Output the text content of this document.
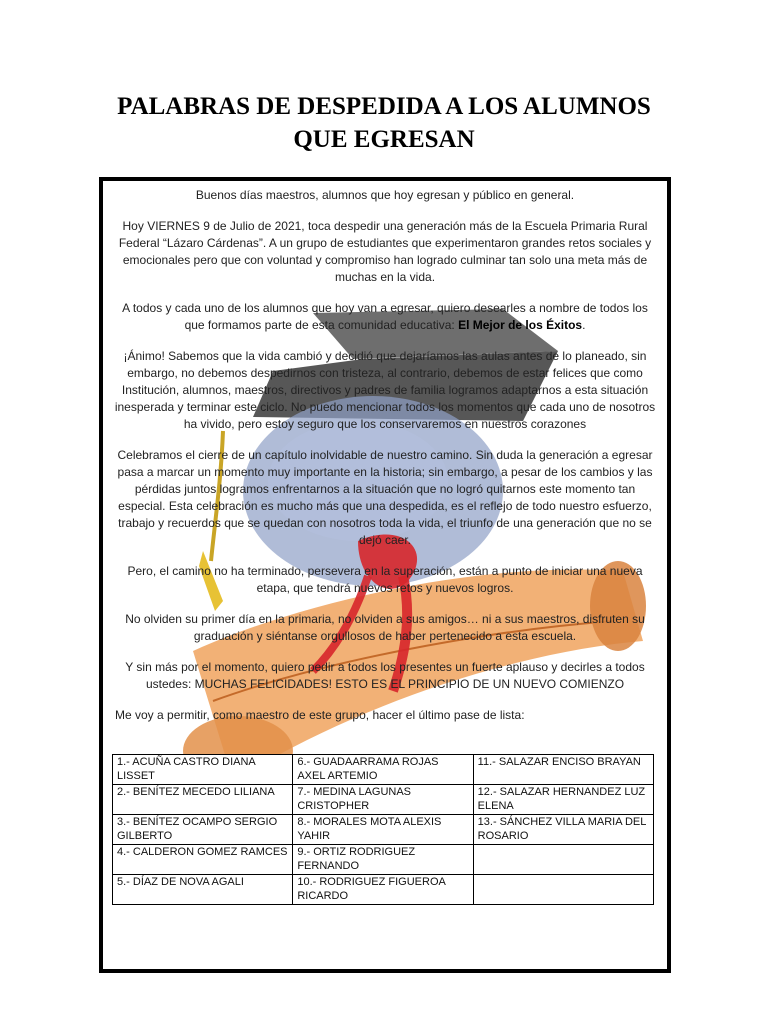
PALABRAS DE DESPEDIDA A LOS ALUMNOS
QUE EGRESAN

Buenos días maestros, alumnos que hoy egresan y público en general.

Hoy VIERNES 9 de Julio de 2021, toca despedir una generación más de la Escuela Primaria Rural Federal “Lázaro Cárdenas”. A un grupo de estudiantes que experimentaron grandes retos sociales y emocionales pero que con voluntad y compromiso han logrado culminar tan solo una meta más de muchas en la vida.

A todos y cada uno de los alumnos que hoy van a egresar, quiero desearles a nombre de todos los que formamos parte de esta comunidad educativa: El Mejor de los Éxitos.

¡Ánimo! Sabemos que la vida cambió y decidió que dejaríamos las aulas antes de lo planeado, sin embargo, no debemos despedirnos con tristeza, al contrario, debemos de estar felices que como Institución, alumnos, maestros, directivos y padres de familia logramos adaptarnos a esta situación inesperada y terminar este ciclo. No puedo mencionar todos los momentos que cada uno de nosotros ha vivido, pero estoy seguro que los conservaremos en nuestros corazones

Celebramos el cierre de un capítulo inolvidable de nuestro camino. Sin duda la generación a egresar pasa a marcar un momento muy importante en la historia; sin embargo, a pesar de los cambios y las pérdidas juntos logramos enfrentarnos a la situación que no logró quitarnos este momento tan especial. Esta celebración es mucho más que una despedida, es el reflejo de todo nuestro esfuerzo, trabajo y recuerdos que se quedan con nosotros toda la vida, el triunfo de una generación que no se dejó caer.

Pero, el camino no ha terminado, persevera en la superación, están a punto de iniciar una nueva etapa, que tendrá nuevos retos y nuevos logros.

No olviden su primer día en la primaria, no olviden a sus amigos… ni a sus maestros, disfruten su graduación y siéntanse orgullosos de haber pertenecido a esta escuela.

Y sin más por el momento, quiero pedir a todos los presentes un fuerte aplauso y decirles a todos ustedes: MUCHAS FELICIDADES! ESTO ES EL PRINCIPIO DE UN NUEVO COMIENZO

Me voy a permitir, como maestro de este grupo, hacer el último pase de lista:

1.- ACUÑA CASTRO DIANA LISSET	6.- GUADAARRAMA ROJAS AXEL ARTEMIO	11.- SALAZAR ENCISO BRAYAN
2.- BENÍTEZ MECEDO LILIANA	7.- MEDINA LAGUNAS CRISTOPHER	12.- SALAZAR HERNANDEZ LUZ ELENA
3.- BENÍTEZ OCAMPO SERGIO GILBERTO	8.- MORALES MOTA ALEXIS YAHIR	13.- SÁNCHEZ VILLA MARIA DEL ROSARIO
4.- CALDERON GOMEZ RAMCES	9.- ORTIZ RODRIGUEZ FERNANDO	
5.- DÍAZ DE NOVA AGALI	10.- RODRIGUEZ FIGUEROA RICARDO	
